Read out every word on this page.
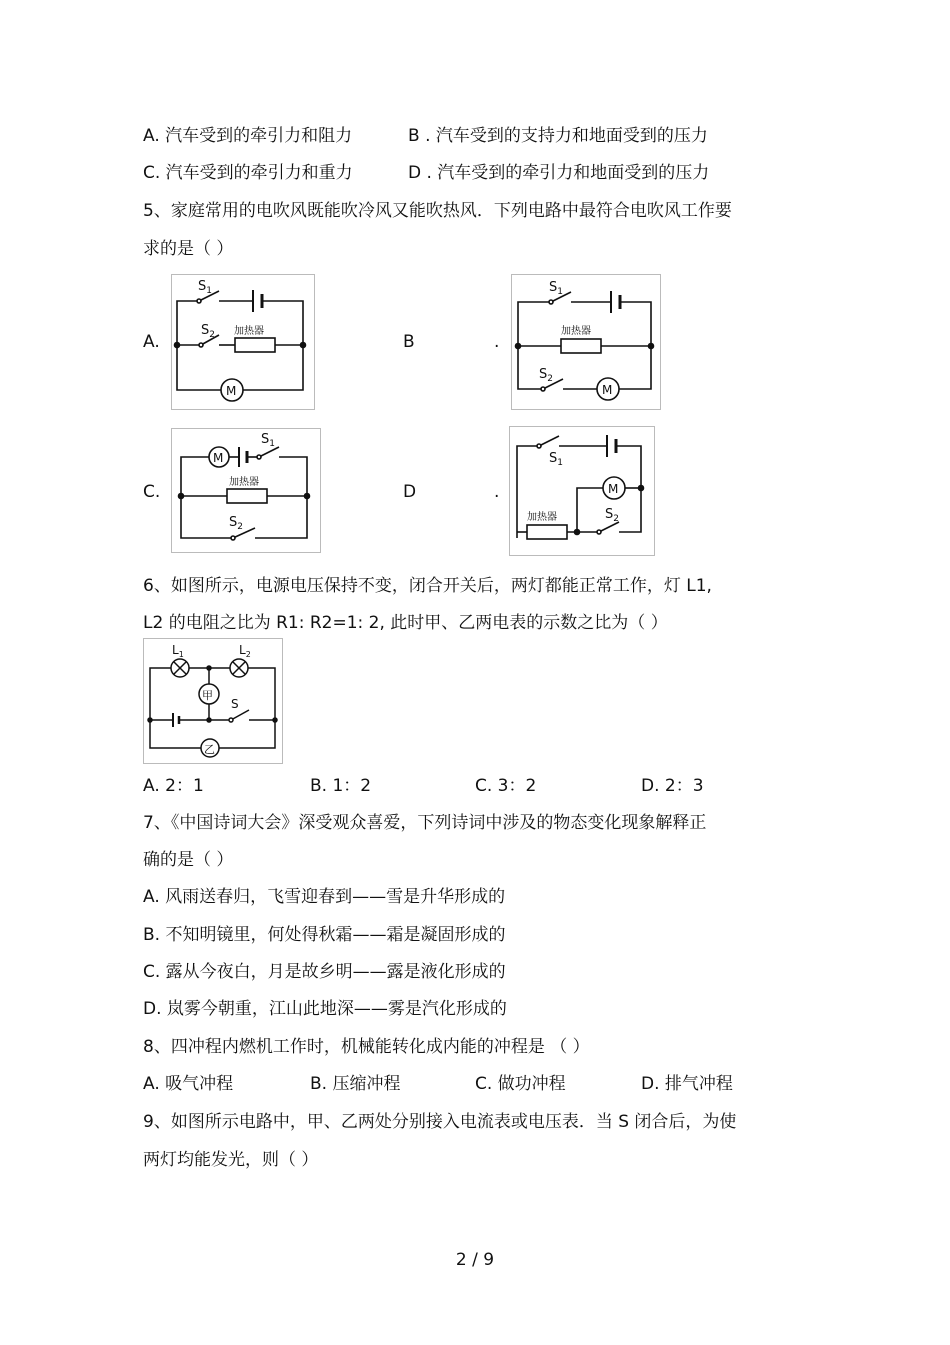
A. 汽车受到的牵引力和阻力	B . 汽车受到的支持力和地面受到的压力
C. 汽车受到的牵引力和重力	D . 汽车受到的牵引力和地面受到的压力
5、家庭常用的电吹风既能吹冷风又能吹热风．下列电路中最符合电吹风工作要
求的是（ ）
A.	B	.
C.	D	.
$S_1$
$S_2$ 加热器
M
$S_1$
加热器
$S_2$
M
M
$S_1$
加热器
$S_2$
$S_1$
M
加热器	$S_2$
6、如图所示，电源电压保持不变，闭合开关后，两灯都能正常工作，灯 L1,
L2 的电阻之比为 R1: R2=1: 2, 此时甲、乙两电表的示数之比为（ ）
$L_1$	$L_2$
甲
S
乙
A. 2：1	B. 1：2	C. 3：2	D. 2：3
7、《中国诗词大会》深受观众喜爱，下列诗词中涉及的物态变化现象解释正
确的是（ ）
A. 风雨送春归，飞雪迎春到——雪是升华形成的
B. 不知明镜里，何处得秋霜——霜是凝固形成的
C. 露从今夜白，月是故乡明——露是液化形成的
D. 岚雾今朝重，江山此地深——雾是汽化形成的
8、四冲程内燃机工作时，机械能转化成内能的冲程是 （ ）
A. 吸气冲程	B. 压缩冲程	C. 做功冲程	D. 排气冲程
9、如图所示电路中，甲、乙两处分别接入电流表或电压表．当 S 闭合后，为使
两灯均能发光，则（ ）
2 / 9
